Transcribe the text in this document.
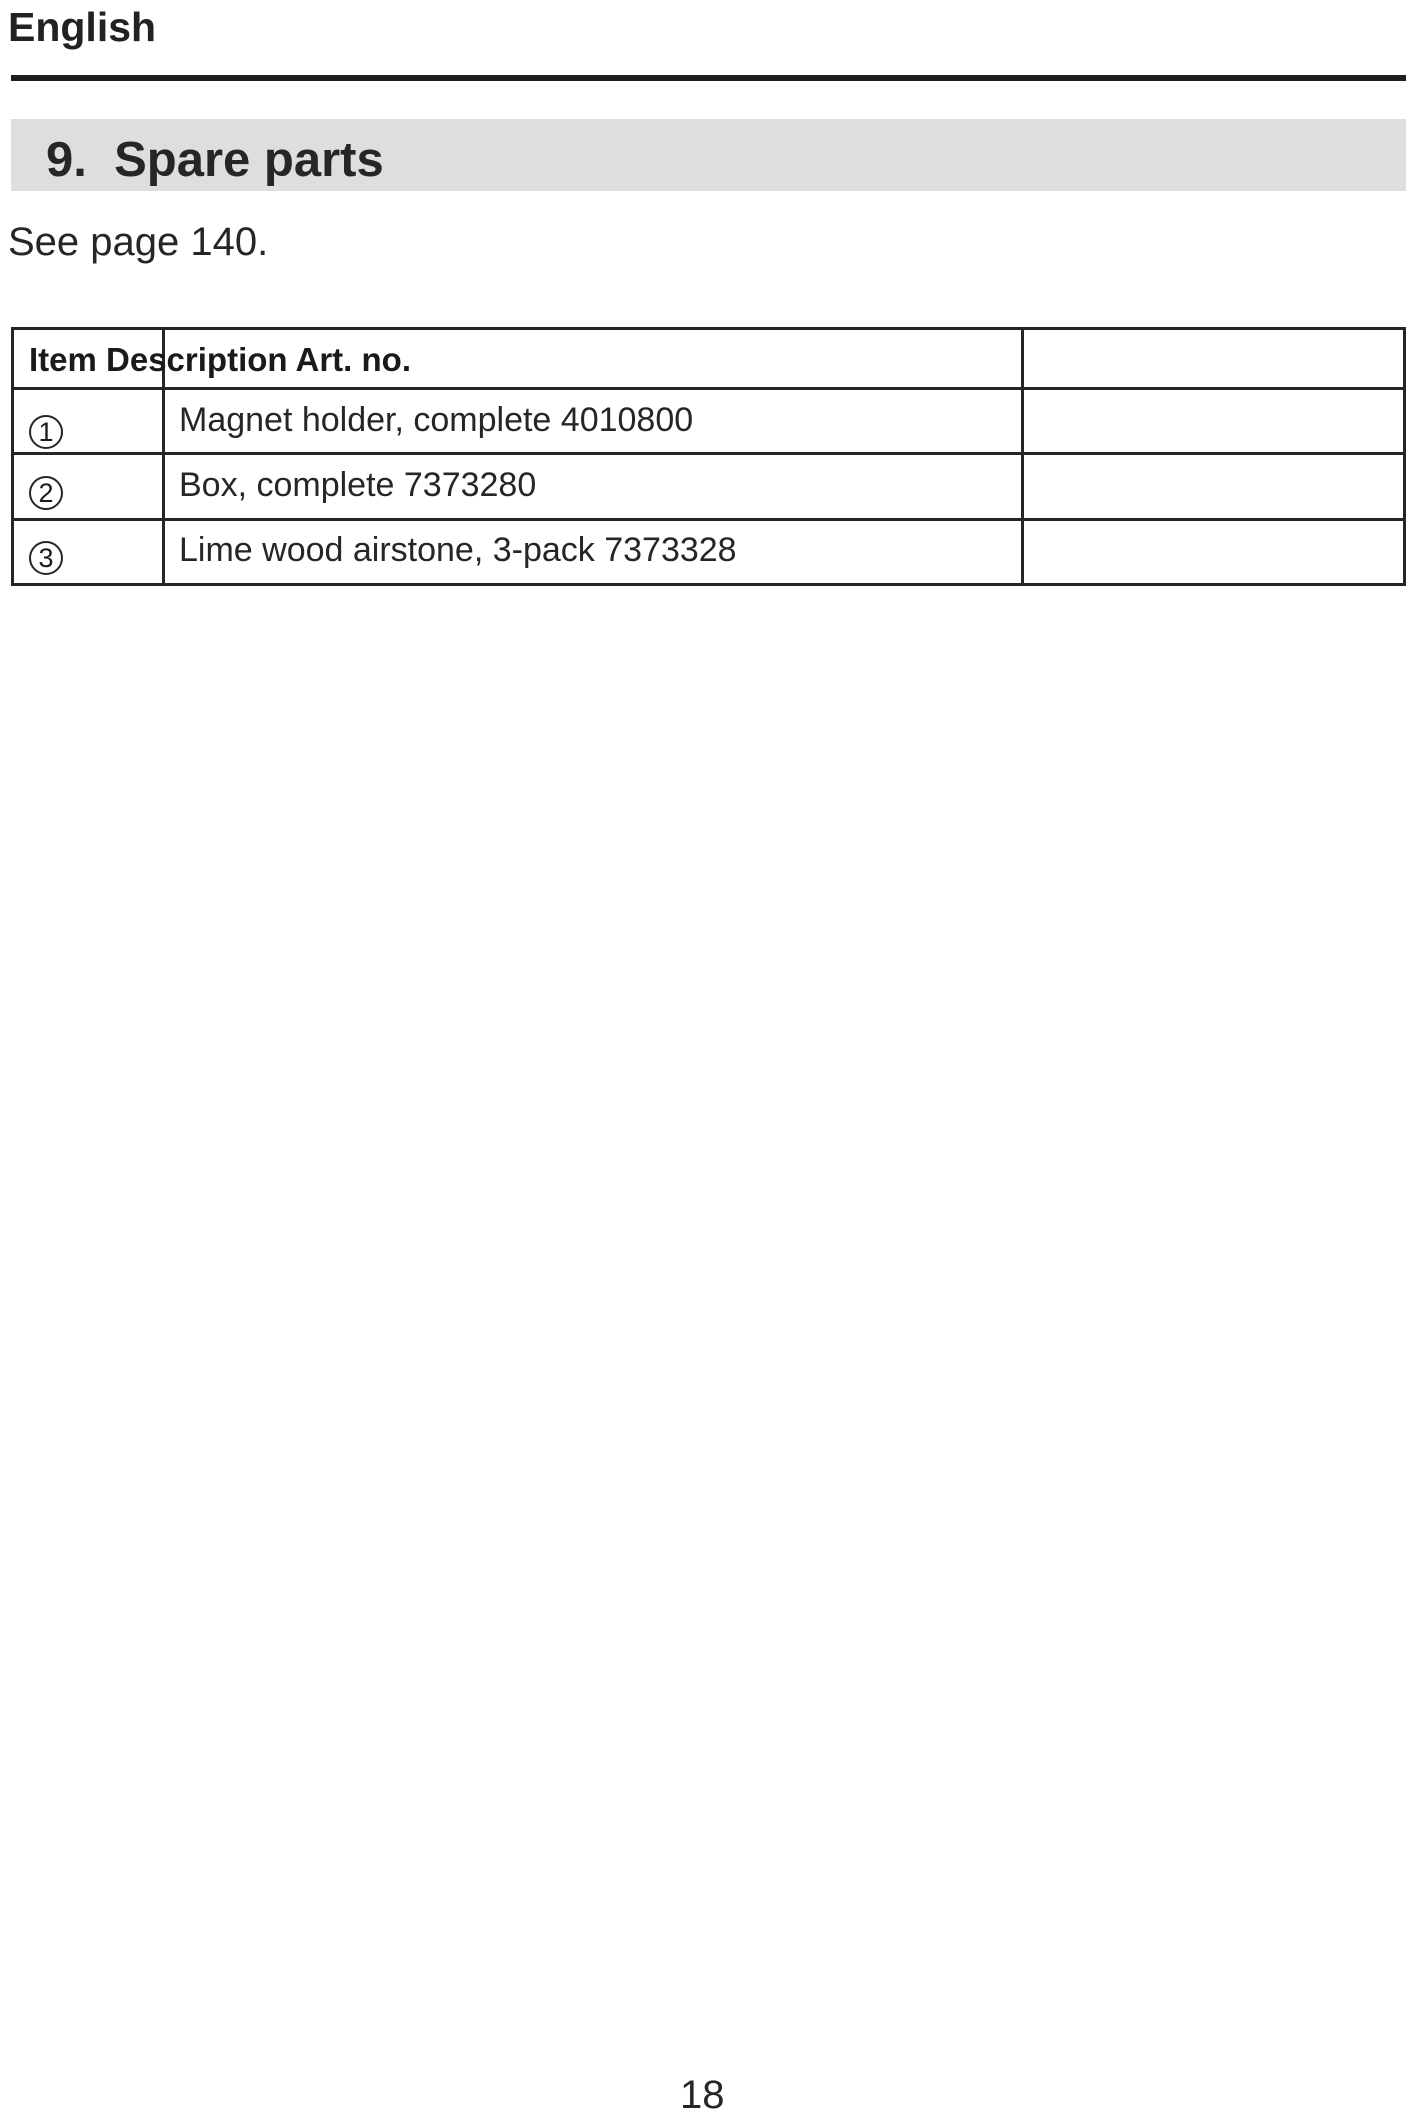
English
9. Spare parts
See page 140.
Item Description Art. no.
1	Magnet holder, complete 4010800
2	Box, complete 7373280
3	Lime wood airstone, 3-pack 7373328
18
